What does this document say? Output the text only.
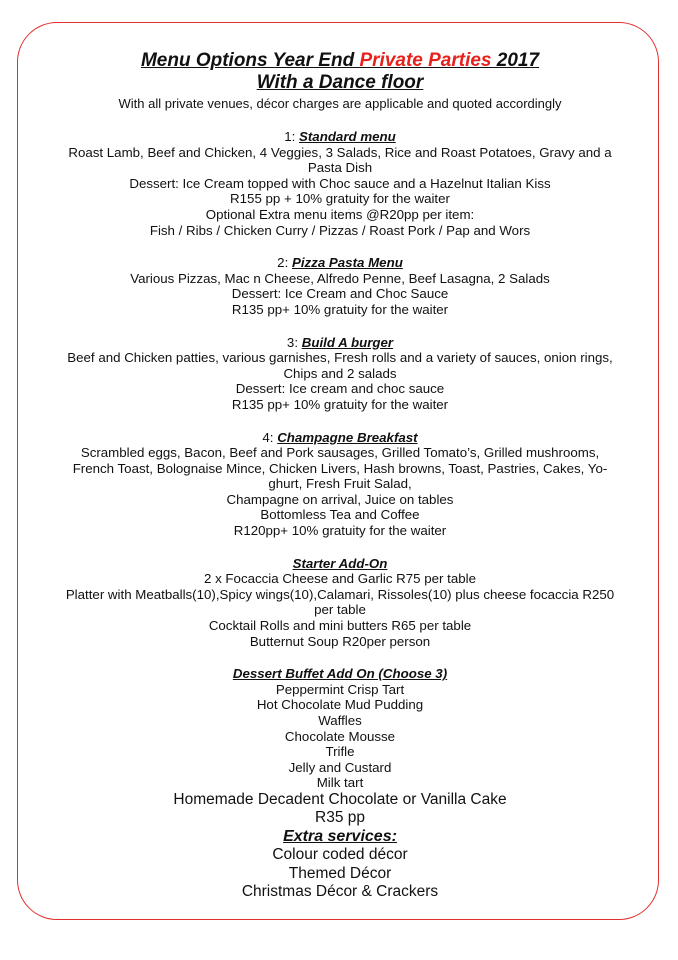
Menu Options Year End Private Parties 2017
With a Dance floor
With all private venues, décor charges are applicable and quoted accordingly
1: Standard menu
Roast Lamb, Beef and Chicken, 4 Veggies, 3 Salads, Rice and Roast Potatoes, Gravy and a
Pasta Dish
Dessert: Ice Cream topped with Choc sauce and a Hazelnut Italian Kiss
R155 pp + 10% gratuity for the waiter
Optional Extra menu items @R20pp per item:
Fish / Ribs / Chicken Curry / Pizzas / Roast Pork / Pap and Wors
2: Pizza Pasta Menu
Various Pizzas, Mac n Cheese, Alfredo Penne, Beef Lasagna, 2 Salads
Dessert: Ice Cream and Choc Sauce
R135 pp+ 10% gratuity for the waiter
3: Build A burger
Beef and Chicken patties, various garnishes, Fresh rolls and a variety of sauces, onion rings,
Chips and 2 salads
Dessert: Ice cream and choc sauce
R135 pp+ 10% gratuity for the waiter
4: Champagne Breakfast
Scrambled eggs, Bacon, Beef and Pork sausages, Grilled Tomato’s, Grilled mushrooms,
French Toast, Bolognaise Mince, Chicken Livers, Hash browns, Toast, Pastries, Cakes, Yo-
ghurt, Fresh Fruit Salad,
Champagne on arrival, Juice on tables
Bottomless Tea and Coffee
R120pp+ 10% gratuity for the waiter
Starter Add-On
2 x Focaccia Cheese and Garlic R75 per table
Platter with Meatballs(10),Spicy wings(10),Calamari, Rissoles(10) plus cheese focaccia R250
per table
Cocktail Rolls and mini butters R65 per table
Butternut Soup R20per person
Dessert Buffet Add On (Choose 3)
Peppermint Crisp Tart
Hot Chocolate Mud Pudding
Waffles
Chocolate Mousse
Trifle
Jelly and Custard
Milk tart
Homemade Decadent Chocolate or Vanilla Cake
R35 pp
Extra services:
Colour coded décor
Themed Décor
Christmas Décor & Crackers
